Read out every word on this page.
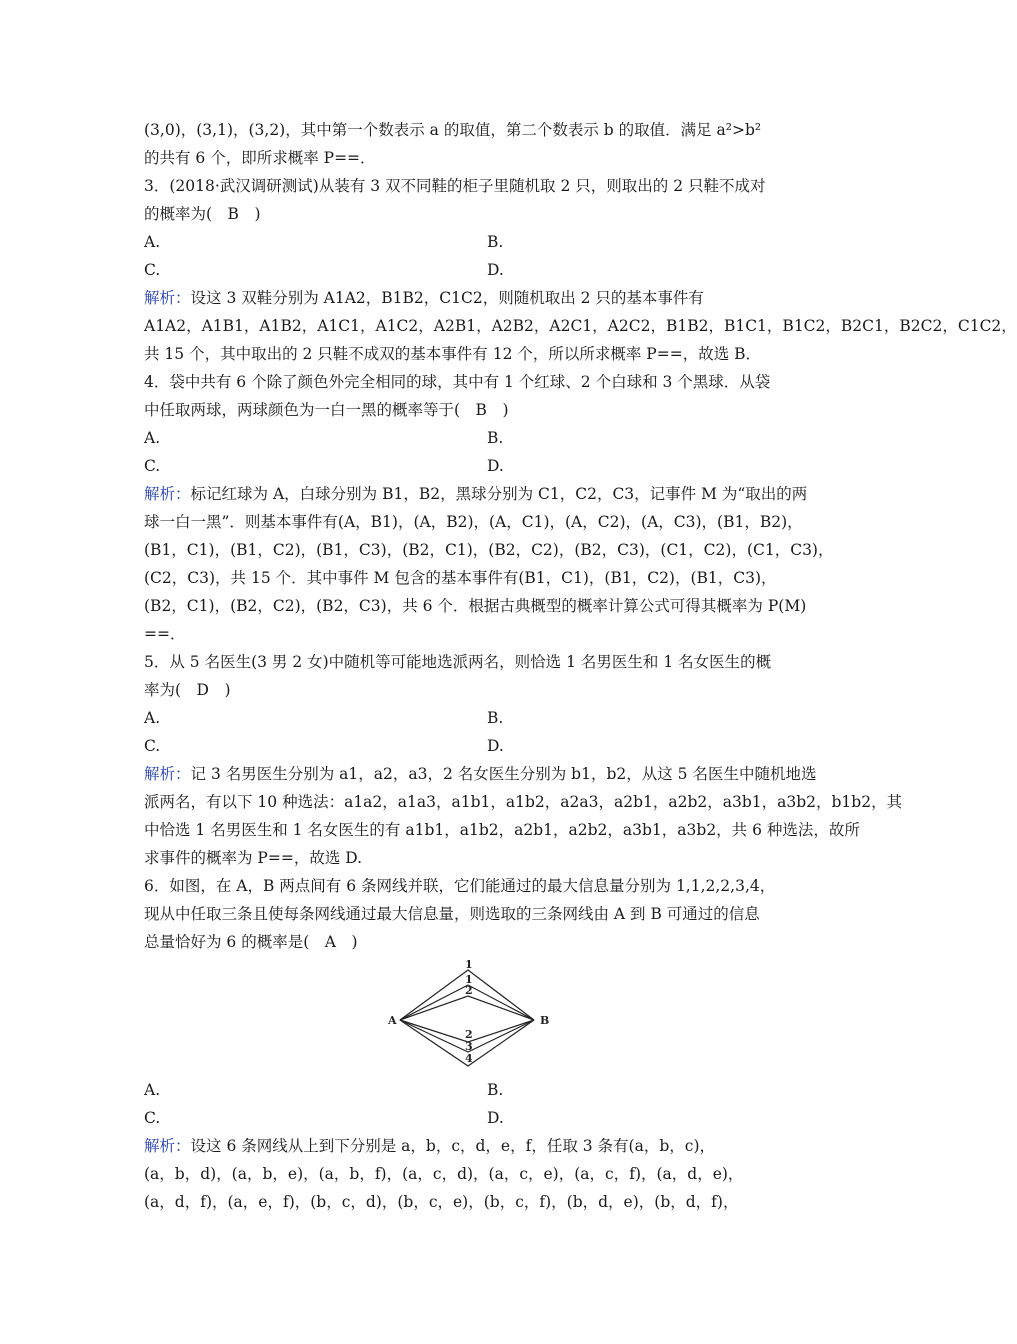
(3,0)，(3,1)，(3,2)，其中第一个数表示 a 的取值，第二个数表示 b 的取值．满足 a²>b²
的共有 6 个，即所求概率 P==．
3．(2018·武汉调研测试)从装有 3 双不同鞋的柜子里随机取 2 只，则取出的 2 只鞋不成对
的概率为(　B　)
A.	B.
C.	D.
解析：设这 3 双鞋分别为 A1A2，B1B2，C1C2，则随机取出 2 只的基本事件有
A1A2，A1B1，A1B2，A1C1，A1C2，A2B1，A2B2，A2C1，A2C2，B1B2，B1C1，B1C2，B2C1，B2C2，C1C2，
共 15 个，其中取出的 2 只鞋不成双的基本事件有 12 个，所以所求概率 P==，故选 B．
4．袋中共有 6 个除了颜色外完全相同的球，其中有 1 个红球、2 个白球和 3 个黑球．从袋
中任取两球，两球颜色为一白一黑的概率等于(　B　)
A.	B.
C.	D.
解析：标记红球为 A，白球分别为 B1，B2，黑球分别为 C1，C2，C3，记事件 M 为“取出的两
球一白一黑”．则基本事件有(A，B1)，(A，B2)，(A，C1)，(A，C2)，(A，C3)，(B1，B2)，
(B1，C1)，(B1，C2)，(B1，C3)，(B2，C1)，(B2，C2)，(B2，C3)，(C1，C2)，(C1，C3)，
(C2，C3)，共 15 个．其中事件 M 包含的基本事件有(B1，C1)，(B1，C2)，(B1，C3)，
(B2，C1)，(B2，C2)，(B2，C3)，共 6 个．根据古典概型的概率计算公式可得其概率为 P(M)
==．
5．从 5 名医生(3 男 2 女)中随机等可能地选派两名，则恰选 1 名男医生和 1 名女医生的概
率为(　D　)
A.	B.
C.	D.
解析：记 3 名男医生分别为 a1，a2，a3，2 名女医生分别为 b1，b2，从这 5 名医生中随机地选
派两名，有以下 10 种选法：a1a2，a1a3，a1b1，a1b2，a2a3，a2b1，a2b2，a3b1，a3b2，b1b2，其
中恰选 1 名男医生和 1 名女医生的有 a1b1，a1b2，a2b1，a2b2，a3b1，a3b2，共 6 种选法，故所
求事件的概率为 P==，故选 D.
6．如图，在 A，B 两点间有 6 条网线并联，它们能通过的最大信息量分别为 1,1,2,2,3,4，
现从中任取三条且使每条网线通过最大信息量，则选取的三条网线由 A 到 B 可通过的信息
总量恰好为 6 的概率是(　A　)
A	B
1
1
2
2
3
4
A.	B.
C.	D.
解析：设这 6 条网线从上到下分别是 a，b，c，d，e，f，任取 3 条有(a，b，c)，
(a，b，d)，(a，b，e)，(a，b，f)，(a，c，d)，(a，c，e)，(a，c，f)，(a，d，e)，
(a，d，f)，(a，e，f)，(b，c，d)，(b，c，e)，(b，c，f)，(b，d，e)，(b，d，f)，
